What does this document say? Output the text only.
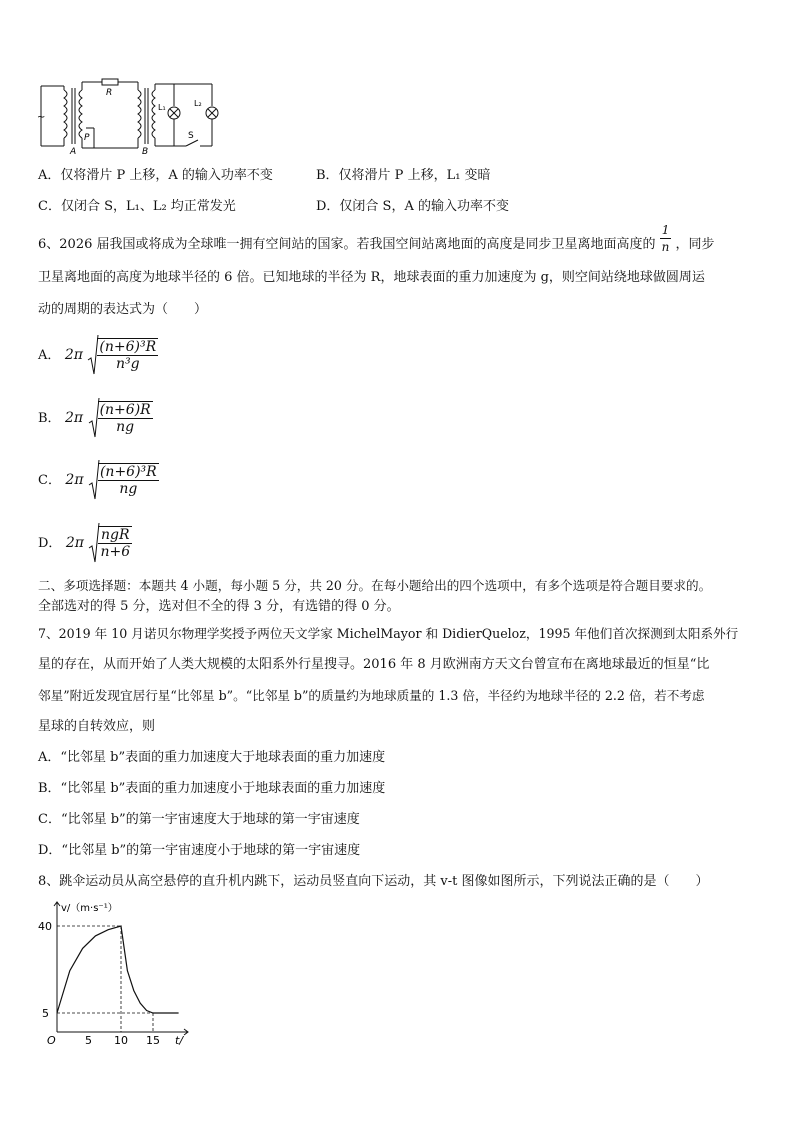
~
R
P
A	B
L₁	L₂
S
A．仅将滑片 P 上移，A 的输入功率不变	B．仅将滑片 P 上移，L₁ 变暗
C．仅闭合 S，L₁、L₂ 均正常发光	D．仅闭合 S，A 的输入功率不变
6、2026 届我国或将成为全球唯一拥有空间站的国家。若我国空间站离地面的高度是同步卫星离地面高度的 $\frac{1}{n}$ ，同步
卫星离地面的高度为地球半径的 6 倍。已知地球的半径为 R，地球表面的重力加速度为 g，则空间站绕地球做圆周运
动的周期的表达式为（　　）
A． $2\pi \frac{\text{(n+6)³R}}{\text{n³g}}$
B． $2\pi \frac{(n+6)R}{ng}$
C． $2\pi \frac{\text{(n+6)³R}}{ng}$
D． $2\pi \frac{\text{ngR}}{n+6}$
二、多项选择题：本题共 4 小题，每小题 5 分，共 20 分。在每小题给出的四个选项中，有多个选项是符合题目要求的。
全部选对的得 5 分，选对但不全的得 3 分，有选错的得 0 分。
7、2019 年 10 月诺贝尔物理学奖授予两位天文学家 MichelMayor 和 DidierQueloz，1995 年他们首次探测到太阳系外行
星的存在，从而开始了人类大规模的太阳系外行星搜寻。2016 年 8 月欧洲南方天文台曾宣布在离地球最近的恒星“比
邻星”附近发现宜居行星“比邻星 b”。“比邻星 b”的质量约为地球质量的 1.3 倍，半径约为地球半径的 2.2 倍，若不考虑
星球的自转效应，则
A．“比邻星 b”表面的重力加速度大于地球表面的重力加速度
B．“比邻星 b”表面的重力加速度小于地球表面的重力加速度
C．“比邻星 b”的第一宇宙速度大于地球的第一宇宙速度
D．“比邻星 b”的第一宇宙速度小于地球的第一宇宙速度
8、跳伞运动员从高空悬停的直升机内跳下，运动员竖直向下运动，其 v-t 图像如图所示，下列说法正确的是（　　）
v/（m·s⁻¹）
t/
O
40
5
5 10 15
